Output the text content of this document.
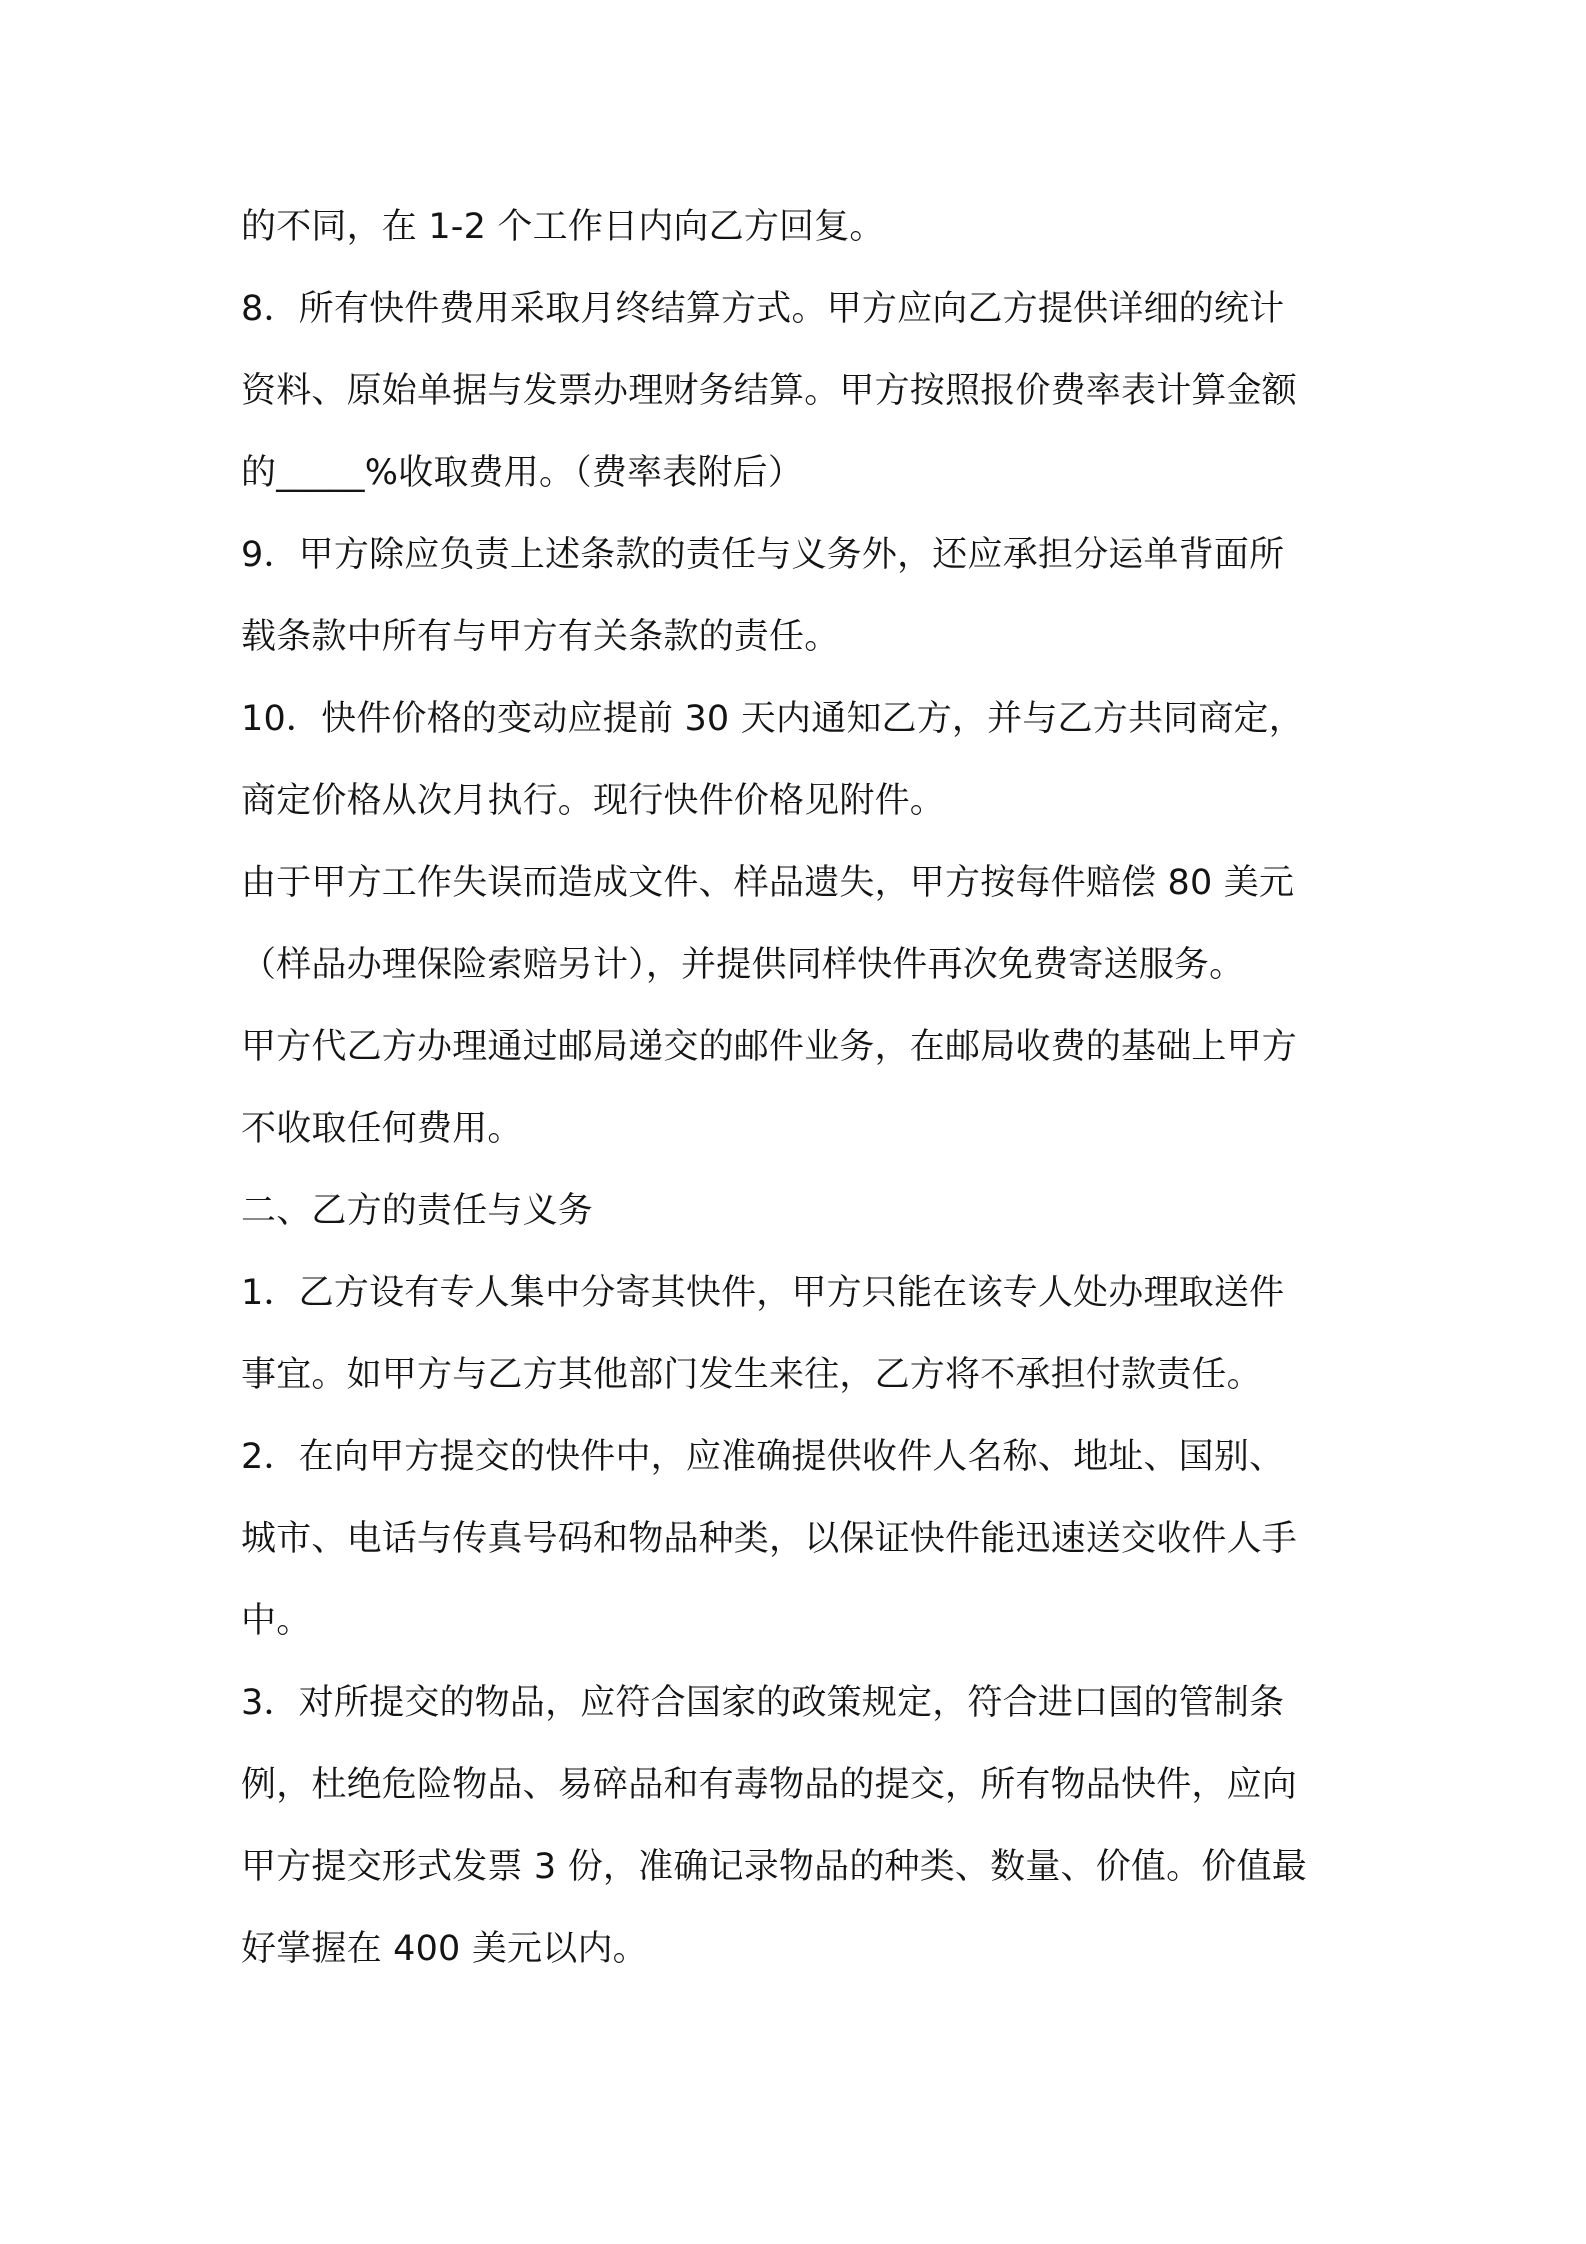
的不同，在 1-2 个工作日内向乙方回复。
8．所有快件费用采取月终结算方式。甲方应向乙方提供详细的统计
资料、原始单据与发票办理财务结算。甲方按照报价费率表计算金额
的_____%收取费用。（费率表附后）
9．甲方除应负责上述条款的责任与义务外，还应承担分运单背面所
载条款中所有与甲方有关条款的责任。
10．快件价格的变动应提前 30 天内通知乙方，并与乙方共同商定，
商定价格从次月执行。现行快件价格见附件。
由于甲方工作失误而造成文件、样品遗失，甲方按每件赔偿 80 美元
（样品办理保险索赔另计），并提供同样快件再次免费寄送服务。
甲方代乙方办理通过邮局递交的邮件业务，在邮局收费的基础上甲方
不收取任何费用。
二、乙方的责任与义务
1．乙方设有专人集中分寄其快件，甲方只能在该专人处办理取送件
事宜。如甲方与乙方其他部门发生来往，乙方将不承担付款责任。
2．在向甲方提交的快件中，应准确提供收件人名称、地址、国别、
城市、电话与传真号码和物品种类，以保证快件能迅速送交收件人手
中。
3．对所提交的物品，应符合国家的政策规定，符合进口国的管制条
例，杜绝危险物品、易碎品和有毒物品的提交，所有物品快件，应向
甲方提交形式发票 3 份，准确记录物品的种类、数量、价值。价值最
好掌握在 400 美元以内。
